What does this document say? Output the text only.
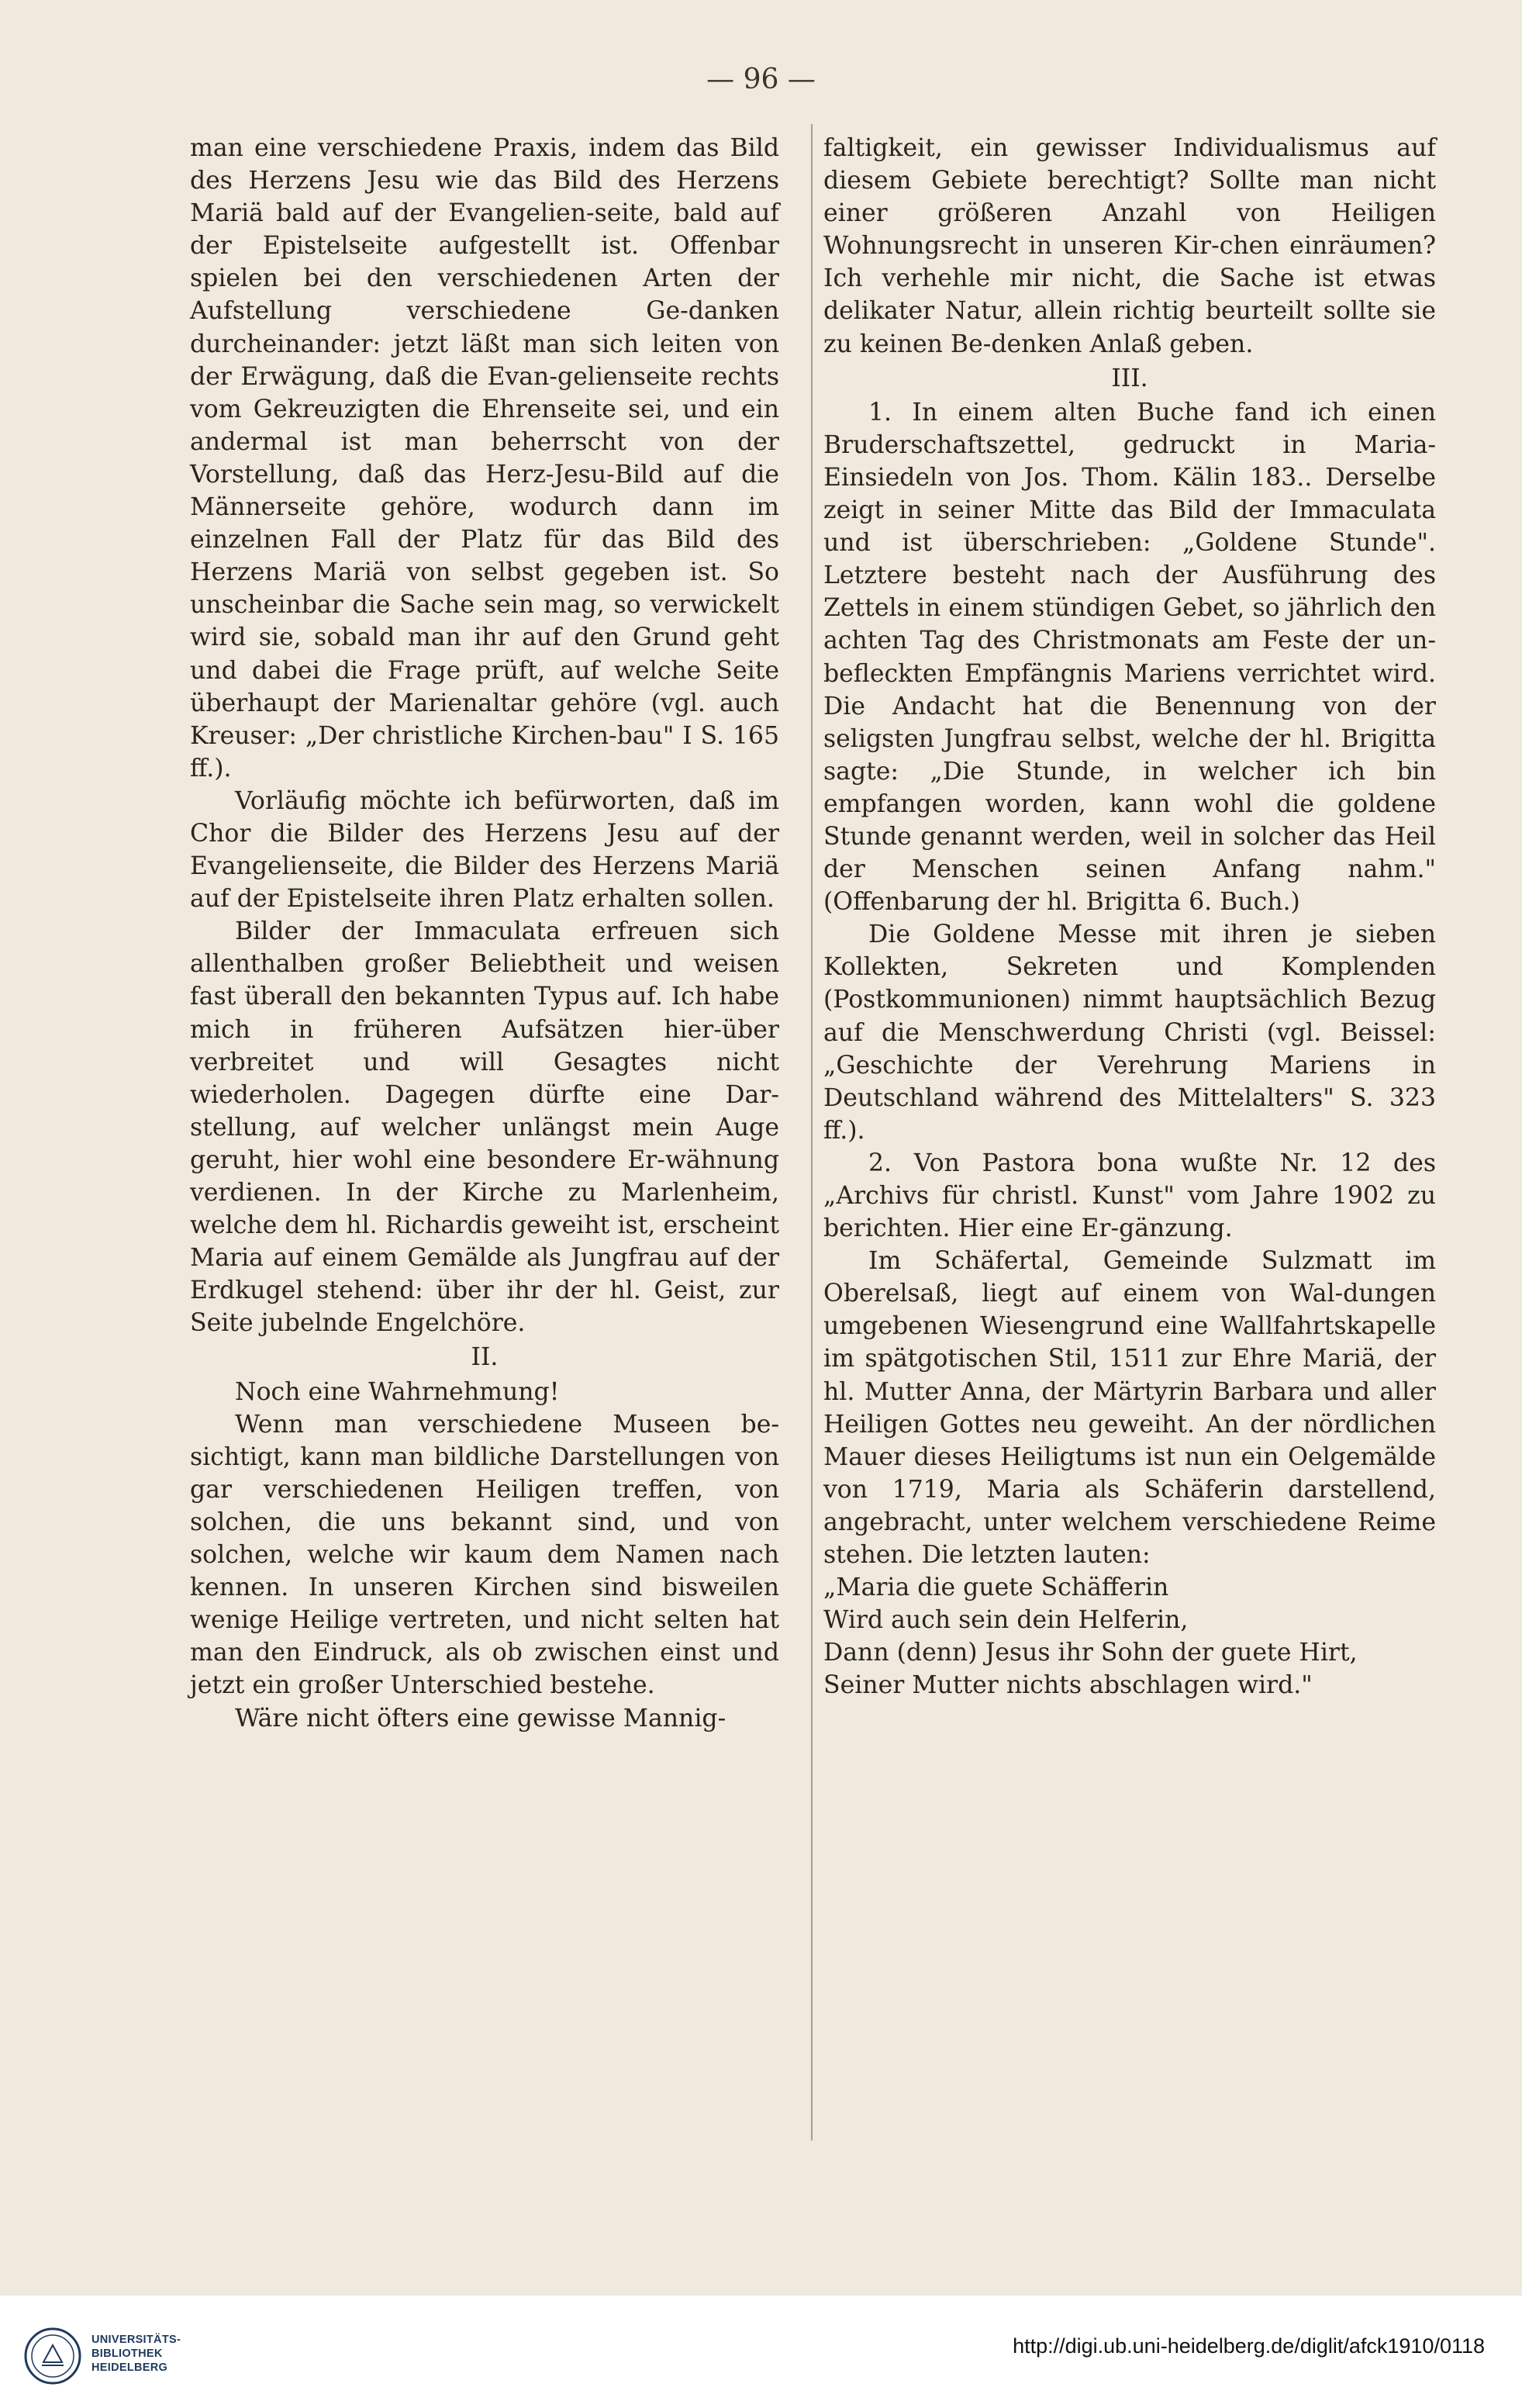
— 96 —

man eine verschiedene Praxis, indem das Bild des Herzens Jesu wie das Bild des Herzens Mariä bald auf der Evangelien-seite, bald auf der Epistelseite aufgestellt ist. Offenbar spielen bei den verschiedenen Arten der Aufstellung verschiedene Ge-danken durcheinander: jetzt läßt man sich leiten von der Erwägung, daß die Evan-gelienseite rechts vom Gekreuzigten die Ehrenseite sei, und ein andermal ist man beherrscht von der Vorstellung, daß das Herz-Jesu-Bild auf die Männerseite gehöre, wodurch dann im einzelnen Fall der Platz für das Bild des Herzens Mariä von selbst gegeben ist. So unscheinbar die Sache sein mag, so verwickelt wird sie, sobald man ihr auf den Grund geht und dabei die Frage prüft, auf welche Seite überhaupt der Marienaltar gehöre (vgl. auch Kreuser: „Der christliche Kirchen-bau" I S. 165 ff.).

Vorläufig möchte ich befürworten, daß im Chor die Bilder des Herzens Jesu auf der Evangelienseite, die Bilder des Herzens Mariä auf der Epistelseite ihren Platz erhalten sollen.

Bilder der Immaculata erfreuen sich allenthalben großer Beliebtheit und weisen fast überall den bekannten Typus auf. Ich habe mich in früheren Aufsätzen hier-über verbreitet und will Gesagtes nicht wiederholen. Dagegen dürfte eine Dar-stellung, auf welcher unlängst mein Auge geruht, hier wohl eine besondere Er-wähnung verdienen. In der Kirche zu Marlenheim, welche dem hl. Richardis geweiht ist, erscheint Maria auf einem Gemälde als Jungfrau auf der Erdkugel stehend: über ihr der hl. Geist, zur Seite jubelnde Engelchöre.

II.

Noch eine Wahrnehmung!

Wenn man verschiedene Museen be-sichtigt, kann man bildliche Darstellungen von gar verschiedenen Heiligen treffen, von solchen, die uns bekannt sind, und von solchen, welche wir kaum dem Namen nach kennen. In unseren Kirchen sind bisweilen wenige Heilige vertreten, und nicht selten hat man den Eindruck, als ob zwischen einst und jetzt ein großer Unterschied bestehe.

Wäre nicht öfters eine gewisse Mannig-

faltigkeit, ein gewisser Individualismus auf diesem Gebiete berechtigt? Sollte man nicht einer größeren Anzahl von Heiligen Wohnungsrecht in unseren Kir-chen einräumen? Ich verhehle mir nicht, die Sache ist etwas delikater Natur, allein richtig beurteilt sollte sie zu keinen Be-denken Anlaß geben.

III.

1. In einem alten Buche fand ich einen Bruderschaftszettel, gedruckt in Maria-Einsiedeln von Jos. Thom. Kälin 183.. Derselbe zeigt in seiner Mitte das Bild der Immaculata und ist überschrieben: „Goldene Stunde". Letztere besteht nach der Ausführung des Zettels in einem stündigen Gebet, so jährlich den achten Tag des Christmonats am Feste der un-befleckten Empfängnis Mariens verrichtet wird. Die Andacht hat die Benennung von der seligsten Jungfrau selbst, welche der hl. Brigitta sagte: „Die Stunde, in welcher ich bin empfangen worden, kann wohl die goldene Stunde genannt werden, weil in solcher das Heil der Menschen seinen Anfang nahm." (Offenbarung der hl. Brigitta 6. Buch.)

Die Goldene Messe mit ihren je sieben Kollekten, Sekreten und Komplenden (Postkommunionen) nimmt hauptsächlich Bezug auf die Menschwerdung Christi (vgl. Beissel: „Geschichte der Verehrung Mariens in Deutschland während des Mittelalters" S. 323 ff.).

2. Von Pastora bona wußte Nr. 12 des „Archivs für christl. Kunst" vom Jahre 1902 zu berichten. Hier eine Er-gänzung.

Im Schäfertal, Gemeinde Sulzmatt im Oberelsaß, liegt auf einem von Wal-dungen umgebenen Wiesengrund eine Wallfahrtskapelle im spätgotischen Stil, 1511 zur Ehre Mariä, der hl. Mutter Anna, der Märtyrin Barbara und aller Heiligen Gottes neu geweiht. An der nördlichen Mauer dieses Heiligtums ist nun ein Oelgemälde von 1719, Maria als Schäferin darstellend, angebracht, unter welchem verschiedene Reime stehen. Die letzten lauten:

„Maria die guete Schäfferin

Wird auch sein dein Helferin,

Dann (denn) Jesus ihr Sohn der guete Hirt,

Seiner Mutter nichts abschlagen wird."

UNIVERSITÄTS-
BIBLIOTHEK
HEIDELBERG
http://digi.ub.uni-heidelberg.de/diglit/afck1910/0118
